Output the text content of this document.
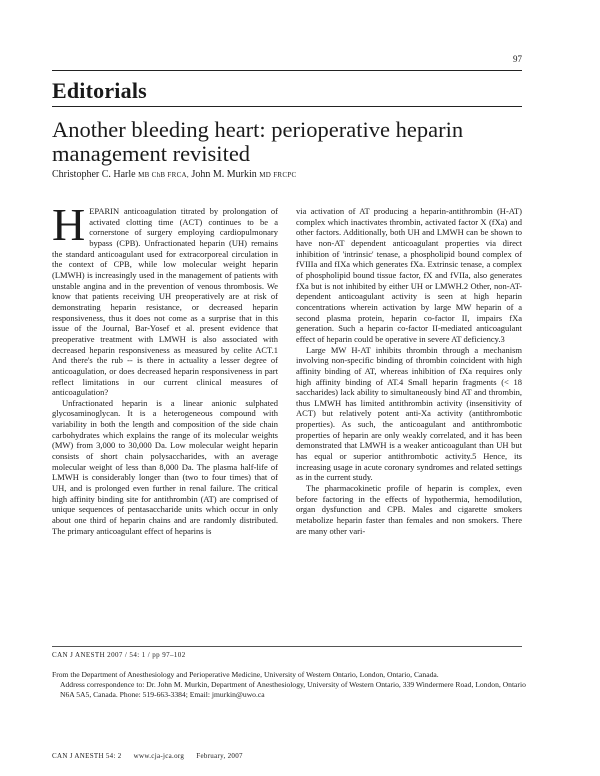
97
Editorials
Another bleeding heart: perioperative heparin management revisited
Christopher C. Harle MB ChB FRCA, John M. Murkin MD FRCPC

HEPARIN anticoagulation titrated by prolongation of activated clotting time (ACT) continues to be a cornerstone of surgery employing cardiopulmonary bypass (CPB). Unfractionated heparin (UH) remains the standard anticoagulant used for extracorporeal circulation in the context of CPB, while low molecular weight heparin (LMWH) is increasingly used in the management of patients with unstable angina and in the prevention of venous thrombosis. We know that patients receiving UH preoperatively are at risk of demonstrating heparin resistance, or decreased heparin responsiveness, thus it does not come as a surprise that in this issue of the Journal, Bar-Yosef et al. present evidence that preoperative treatment with LMWH is also associated with decreased heparin responsiveness as measured by celite ACT.1 And there's the rub -- is there in actuality a lesser degree of anticoagulation, or does decreased heparin responsiveness in part reflect limitations in our current clinical measures of anticoagulation?

Unfractionated heparin is a linear anionic sulphated glycosaminoglycan. It is a heterogeneous compound with variability in both the length and composition of the side chain carbohydrates which explains the range of its molecular weights (MW) from 3,000 to 30,000 Da. Low molecular weight heparin consists of short chain polysaccharides, with an average molecular weight of less than 8,000 Da. The plasma half-life of LMWH is considerably longer than (two to four times) that of UH, and is prolonged even further in renal failure. The critical high affinity binding site for antithrombin (AT) are comprised of unique sequences of pentasaccharide units which occur in only about one third of heparin chains and are randomly distributed. The primary anticoagulant effect of heparins is

via activation of AT producing a heparin-antithrombin (H-AT) complex which inactivates thrombin, activated factor X (fXa) and other factors. Additionally, both UH and LMWH can be shown to have non-AT dependent anticoagulant properties via direct inhibition of 'intrinsic' tenase, a phospholipid bound complex of fVIIIa and fIXa which generates fXa. Extrinsic tenase, a complex of phospholipid bound tissue factor, fX and fVIIa, also generates fXa but is not inhibited by either UH or LMWH.2 Other, non-AT-dependent anticoagulant activity is seen at high heparin concentrations wherein activation by large MW heparin of a second plasma protein, heparin co-factor II, impairs fXa generation. Such a heparin co-factor II-mediated anticoagulant effect of heparin could be operative in severe AT deficiency.3

Large MW H-AT inhibits thrombin through a mechanism involving non-specific binding of thrombin coincident with high affinity binding of AT, whereas inhibition of fXa requires only high affinity binding of AT.4 Small heparin fragments (< 18 saccharides) lack ability to simultaneously bind AT and thrombin, thus LMWH has limited antithrombin activity (insensitivity of ACT) but relatively potent anti-Xa activity (antithrombotic properties). As such, the anticoagulant and antithrombotic properties of heparin are only weakly correlated, and it has been demonstrated that LMWH is a weaker anticoagulant than UH but has equal or superior antithrombotic activity.5 Hence, its increasing usage in acute coronary syndromes and related settings as in the current study.

The pharmacokinetic profile of heparin is complex, even before factoring in the effects of hypothermia, hemodilution, organ dysfunction and CPB. Males and cigarette smokers metabolize heparin faster than females and non smokers. There are many other vari-

CAN J ANESTH 2007 / 54: 1 / pp 97–102
From the Department of Anesthesiology and Perioperative Medicine, University of Western Ontario, London, Ontario, Canada.
Address correspondence to: Dr. John M. Murkin, Department of Anesthesiology, University of Western Ontario, 339 Windermere Road, London, Ontario N6A 5A5, Canada. Phone: 519-663-3384; Email: jmurkin@uwo.ca
CAN J ANESTH 54: 2 www.cja-jca.org February, 2007
